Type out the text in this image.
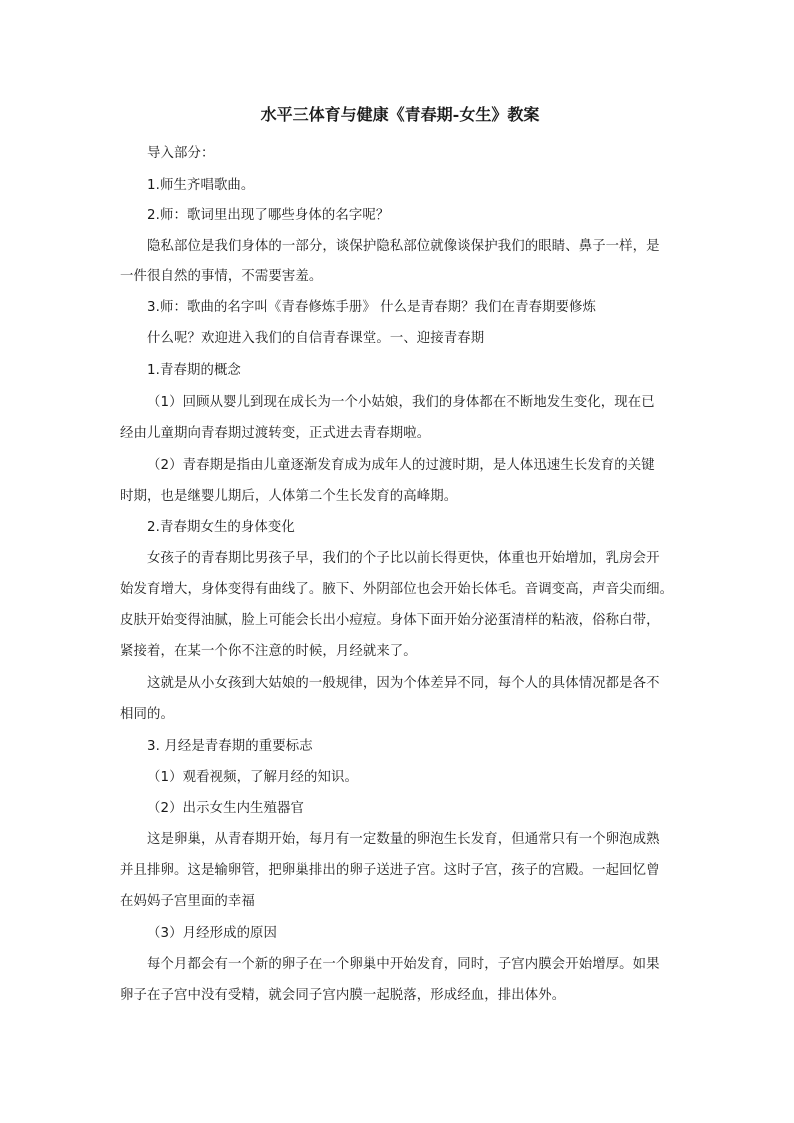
水平三体育与健康《青春期-女生》教案
导入部分：
1.师生齐唱歌曲。
2.师：歌词里出现了哪些身体的名字呢？
隐私部位是我们身体的一部分，谈保护隐私部位就像谈保护我们的眼睛、鼻子一样，是
一件很自然的事情，不需要害羞。
3.师：歌曲的名字叫《青春修炼手册》 什么是青春期？我们在青春期要修炼
什么呢？欢迎进入我们的自信青春课堂。一、迎接青春期
1.青春期的概念
（1）回顾从婴儿到现在成长为一个小姑娘，我们的身体都在不断地发生变化，现在已
经由儿童期向青春期过渡转变，正式进去青春期啦。
（2）青春期是指由儿童逐渐发育成为成年人的过渡时期，是人体迅速生长发育的关键
时期，也是继婴儿期后，人体第二个生长发育的高峰期。
2.青春期女生的身体变化
女孩子的青春期比男孩子早，我们的个子比以前长得更快，体重也开始增加，乳房会开
始发育增大，身体变得有曲线了。腋下、外阴部位也会开始长体毛。音调变高，声音尖而细。
皮肤开始变得油腻，脸上可能会长出小痘痘。身体下面开始分泌蛋清样的粘液，俗称白带，
紧接着，在某一个你不注意的时候，月经就来了。
这就是从小女孩到大姑娘的一般规律，因为个体差异不同，每个人的具体情况都是各不
相同的。
3. 月经是青春期的重要标志
（1）观看视频，了解月经的知识。
（2）出示女生内生殖器官
这是卵巢，从青春期开始，每月有一定数量的卵泡生长发育，但通常只有一个卵泡成熟
并且排卵。这是输卵管，把卵巢排出的卵子送进子宫。这时子宫，孩子的宫殿。一起回忆曾
在妈妈子宫里面的幸福
（3）月经形成的原因
每个月都会有一个新的卵子在一个卵巢中开始发育，同时，子宫内膜会开始增厚。如果
卵子在子宫中没有受精，就会同子宫内膜一起脱落，形成经血，排出体外。
